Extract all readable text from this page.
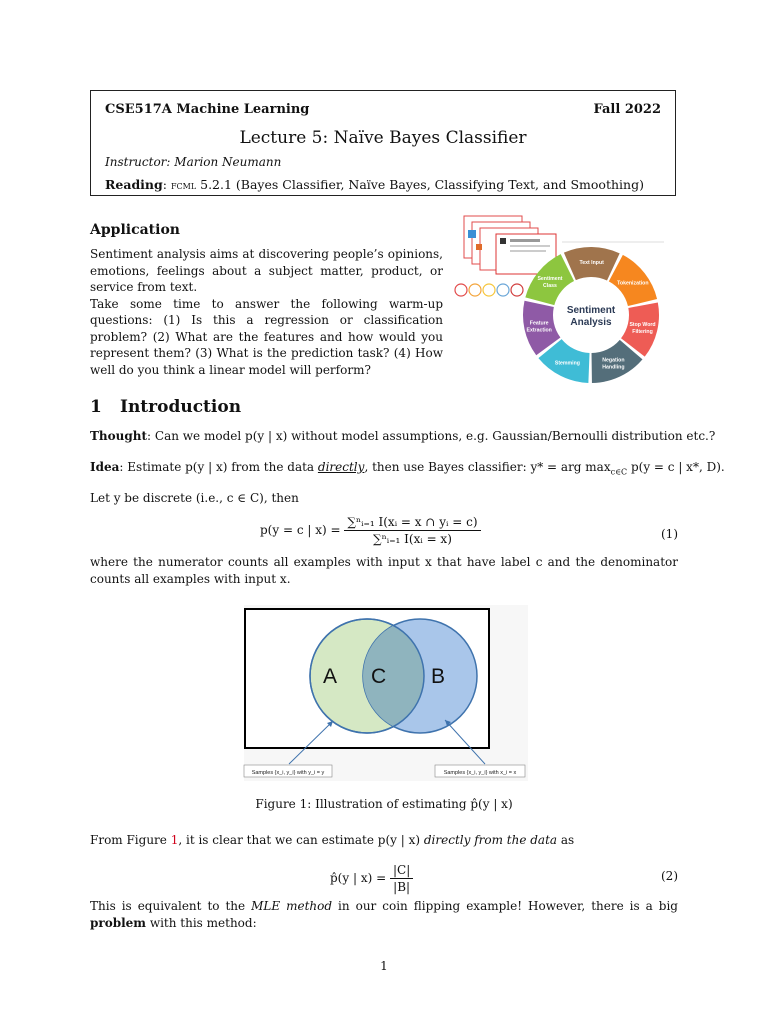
CSE517A Machine Learning	Fall 2022
Lecture 5: Naïve Bayes Classifier
Instructor: Marion Neumann
Reading: fcml 5.2.1 (Bayes Classifier, Naïve Bayes, Classifying Text, and Smoothing)
Application
Sentiment analysis aims at discovering people’s opinions, emotions, feelings about a subject matter, product, or service from text.
Take some time to answer the following warm-up questions: (1) Is this a regression or classification problem? (2) What are the features and how would you represent them? (3) What is the prediction task? (4) How well do you think a linear model will perform?
Sentiment
Analysis
Text Input
Tokenization
Stop Word Filtering
Negation Handling
Stemming
Feature Extraction
Sentiment Class
1 Introduction
Thought: Can we model p(y | x) without model assumptions, e.g. Gaussian/Bernoulli distribution etc.?
Idea: Estimate p(y | x) from the data directly, then use Bayes classifier: y* = arg $\max_{c\in C} p(y = c$ | x*, D).
Let y be discrete (i.e., c ∈ C), then
p(y = c | $x) = \frac{\text{∑ⁿᵢ₌₁ I(xᵢ = x ∩ yᵢ = c)}}{\text{∑ⁿᵢ₌₁ I(xᵢ = x)}}$	(1)
where the numerator counts all examples with input x that have label c and the denominator counts all examples with input x.
A C B
Samples {x_i, y_i} with y_i = y	Samples {x_i, y_i} with x_i = x
Figure 1: Illustration of estimating p̂(y | x)
From Figure 1, it is clear that we can estimate p(y | x) directly from the data as
p̂(y | $x) = \frac{|C|}{|B|}$	(2)
This is equivalent to the MLE method in our coin flipping example! However, there is a big problem with this method:
1
